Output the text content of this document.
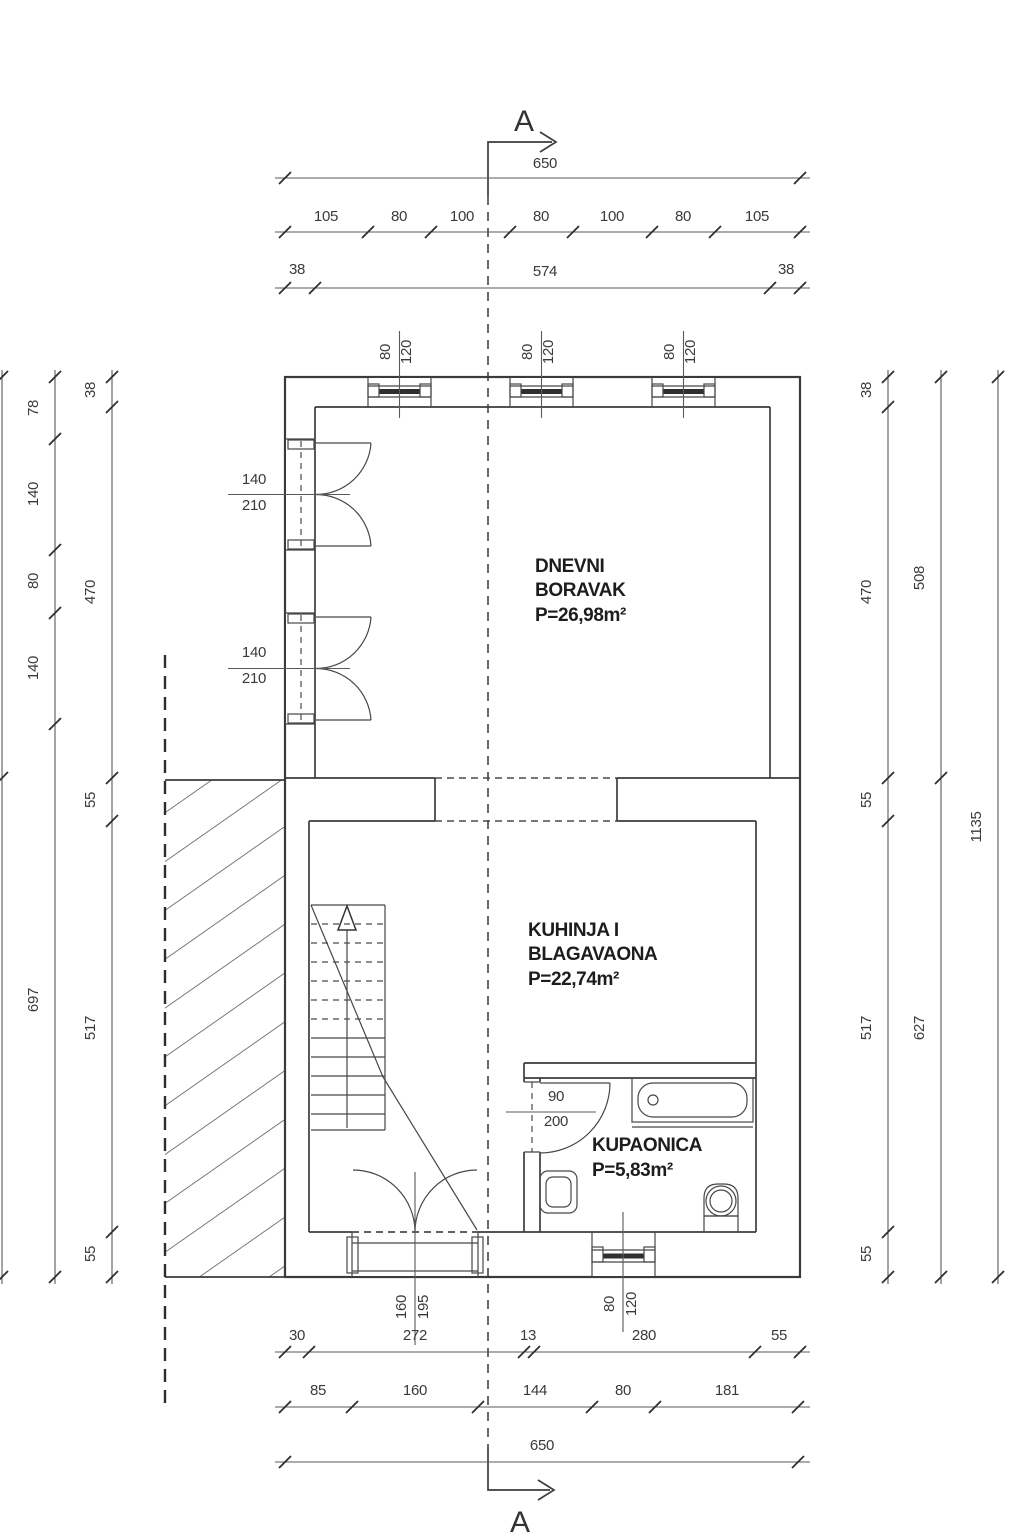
A
A
650
105	80	100	80	100	80	105
38	574	38
80 120	80 120	80 120
78
140
80
140
697
38
470
55
517
55
38
470
55
517
55
508
627
1135
140
210
140
210
90
200
160 195	80 120
30	272	13	280	55
85	160	144	80	181
650
DNEVNI
BORAVAK
P=26,98m²
KUHINJA I
BLAGAVAONA
P=22,74m²
KUPAONICA
P=5,83m²
